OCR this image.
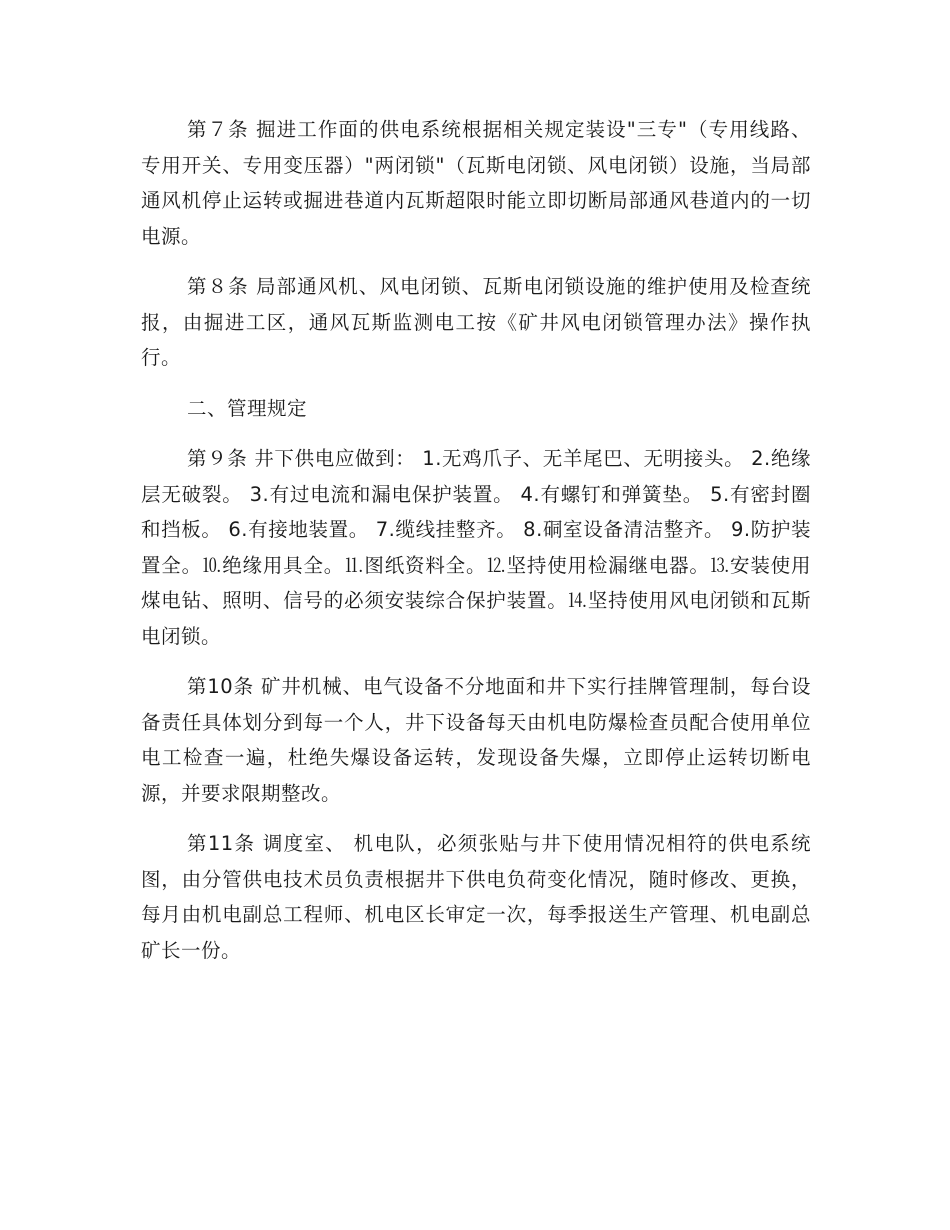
第７条 掘进工作面的供电系统根据相关规定装设"三专"（专用线路、专用开关、专用变压器）"两闭锁"（瓦斯电闭锁、风电闭锁）设施，当局部通风机停止运转或掘进巷道内瓦斯超限时能立即切断局部通风巷道内的一切电源。

第８条 局部通风机、风电闭锁、瓦斯电闭锁设施的维护使用及检查统报，由掘进工区，通风瓦斯监测电工按《矿井风电闭锁管理办法》操作执行。

二、管理规定

第９条 井下供电应做到： 1.无鸡爪子、无羊尾巴、无明接头。 2.绝缘层无破裂。 3.有过电流和漏电保护装置。 4.有螺钉和弹簧垫。 5.有密封圈和挡板。 6.有接地装置。 7.缆线挂整齐。 8.硐室设备清洁整齐。 9.防护装置全。⒑绝缘用具全。⒒图纸资料全。⒓坚持使用检漏继电器。⒔安装使用煤电钻、照明、信号的必须安装综合保护装置。⒕坚持使用风电闭锁和瓦斯电闭锁。

第10条 矿井机械、电气设备不分地面和井下实行挂牌管理制，每台设备责任具体划分到每一个人，井下设备每天由机电防爆检查员配合使用单位电工检查一遍，杜绝失爆设备运转，发现设备失爆，立即停止运转切断电源，并要求限期整改。

第11条 调度室、 机电队，必须张贴与井下使用情况相符的供电系统图，由分管供电技术员负责根据井下供电负荷变化情况，随时修改、更换，每月由机电副总工程师、机电区长审定一次，每季报送生产管理、机电副总 矿长一份。
